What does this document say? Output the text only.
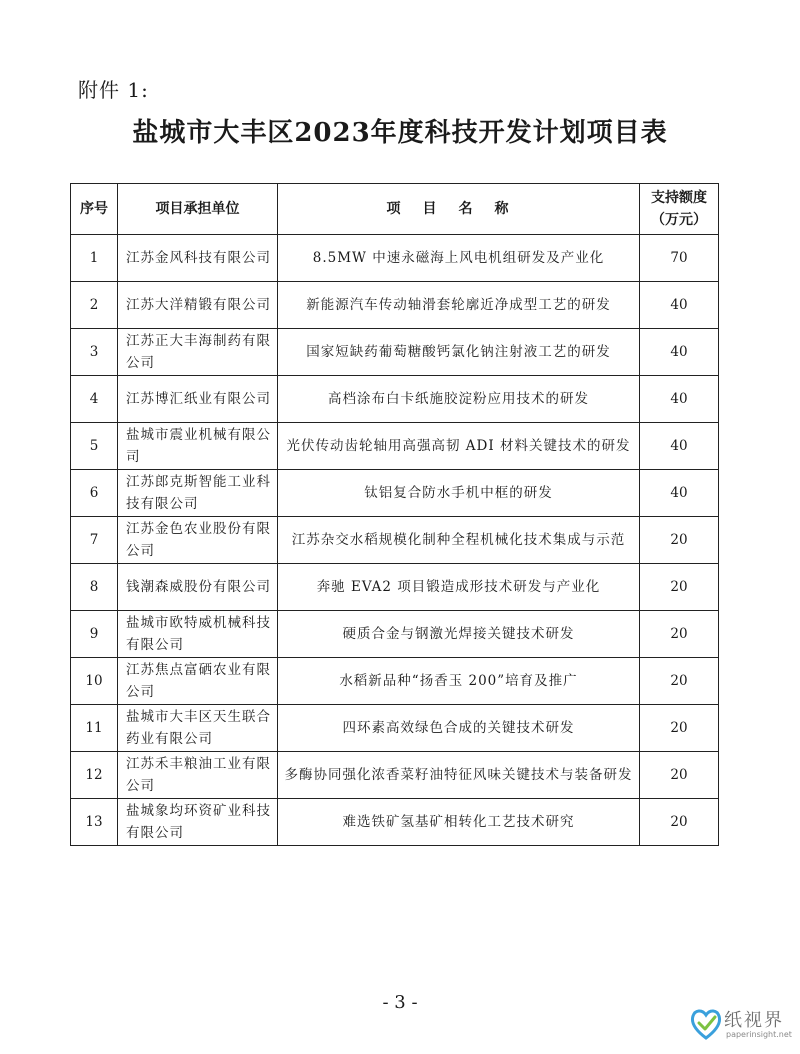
附件 1:
盐城市大丰区2023年度科技开发计划项目表
序号	项目承担单位	项目名称	支持额度
（万元）
1	江苏金风科技有限公司	8.5MW 中速永磁海上风电机组研发及产业化	70
2	江苏大洋精锻有限公司	新能源汽车传动轴滑套轮廓近净成型工艺的研发	40
3	江苏正大丰海制药有限公司	国家短缺药葡萄糖酸钙氯化钠注射液工艺的研发	40
4	江苏博汇纸业有限公司	高档涂布白卡纸施胶淀粉应用技术的研发	40
5	盐城市震业机械有限公司	光伏传动齿轮轴用高强高韧 ADI 材料关键技术的研发	40
6	江苏郎克斯智能工业科技有限公司	钛铝复合防水手机中框的研发	40
7	江苏金色农业股份有限公司	江苏杂交水稻规模化制种全程机械化技术集成与示范	20
8	钱潮森威股份有限公司	奔驰 EVA2 项目锻造成形技术研发与产业化	20
9	盐城市欧特威机械科技有限公司	硬质合金与钢激光焊接关键技术研发	20
10	江苏焦点富硒农业有限公司	水稻新品种“扬香玉 200”培育及推广	20
11	盐城市大丰区天生联合药业有限公司	四环素高效绿色合成的关键技术研发	20
12	江苏禾丰粮油工业有限公司	多酶协同强化浓香菜籽油特征风味关键技术与装备研发	20
13	盐城象均环资矿业科技有限公司	难选铁矿氢基矿相转化工艺技术研究	20
- 3 -
纸视界
paperinsight.net
